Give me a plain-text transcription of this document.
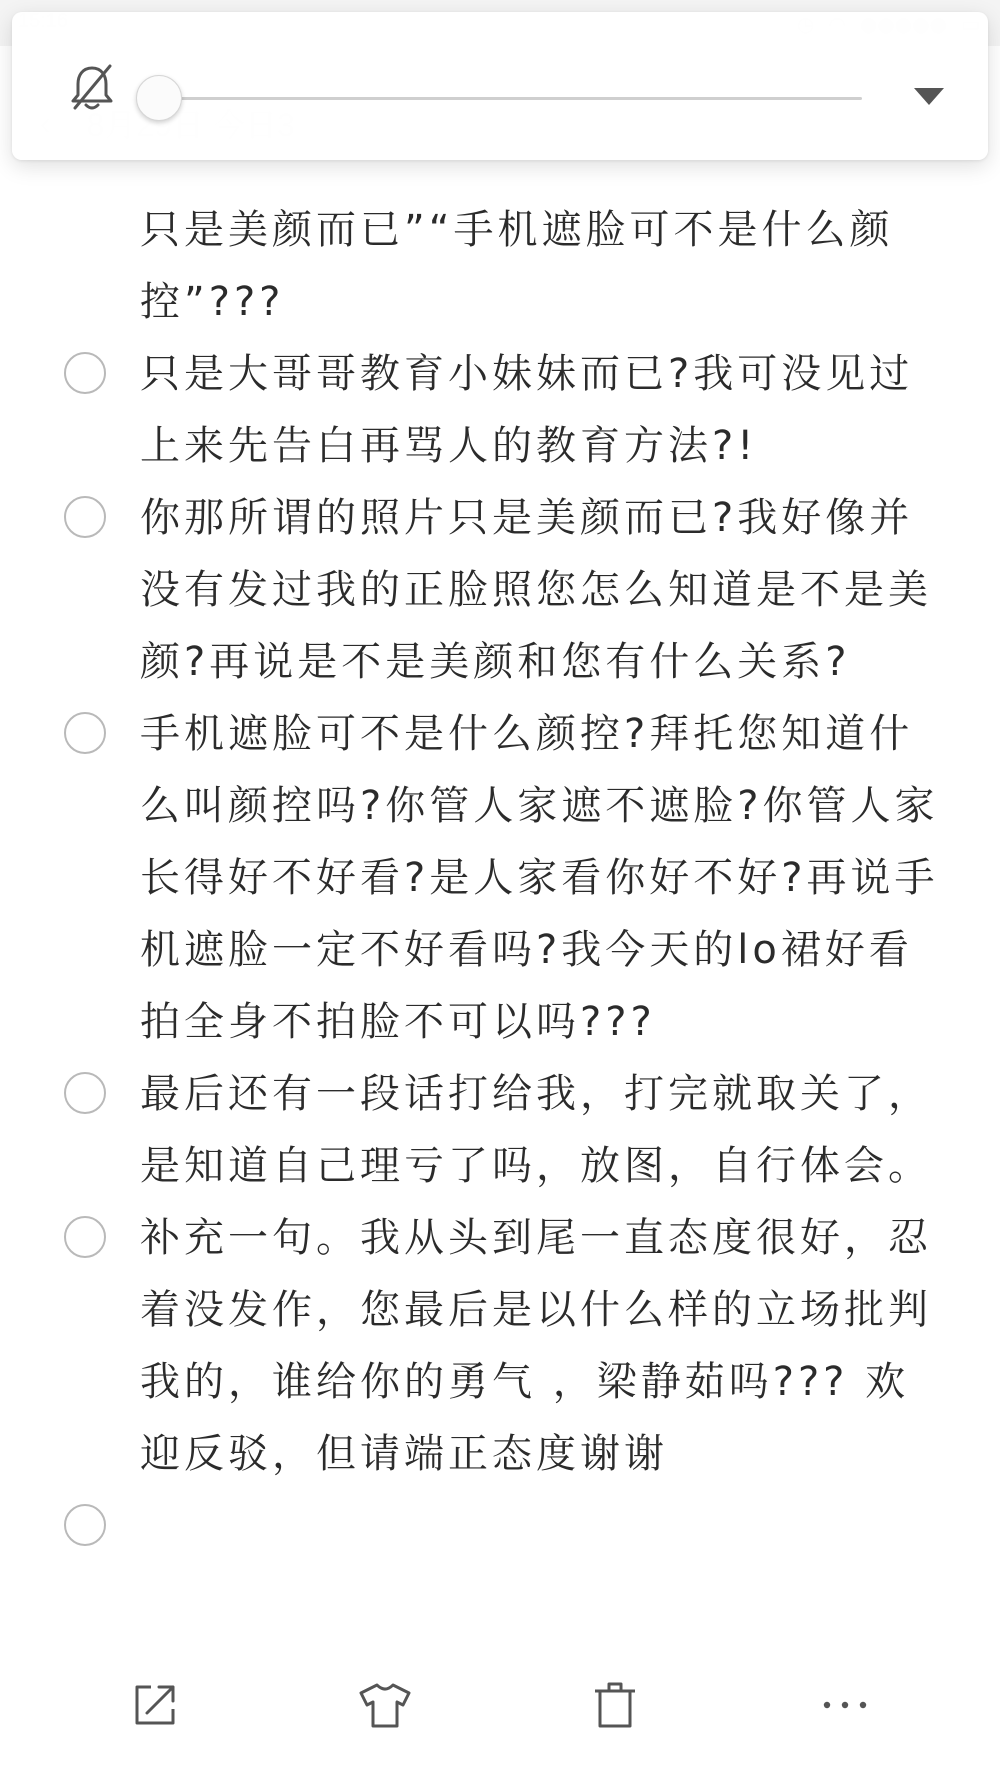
只是美颜而已”“手机遮脸可不是什么颜控”???
只是大哥哥教育小妹妹而已?我可没见过上来先告白再骂人的教育方法?!
你那所谓的照片只是美颜而已?我好像并没有发过我的正脸照您怎么知道是不是美颜?再说是不是美颜和您有什么关系?
手机遮脸可不是什么颜控?拜托您知道什么叫颜控吗?你管人家遮不遮脸?你管人家长得好不好看?是人家看你好不好?再说手机遮脸一定不好看吗?我今天的lo裙好看拍全身不拍脸不可以吗???
最后还有一段话打给我，打完就取关了，是知道自己理亏了吗，放图，自行体会。
补充一句。我从头到尾一直态度很好，忍着没发作，您最后是以什么样的立场批判我的，谁给你的勇气 ，梁静茹吗??? 欢迎反驳，但请端正态度谢谢
